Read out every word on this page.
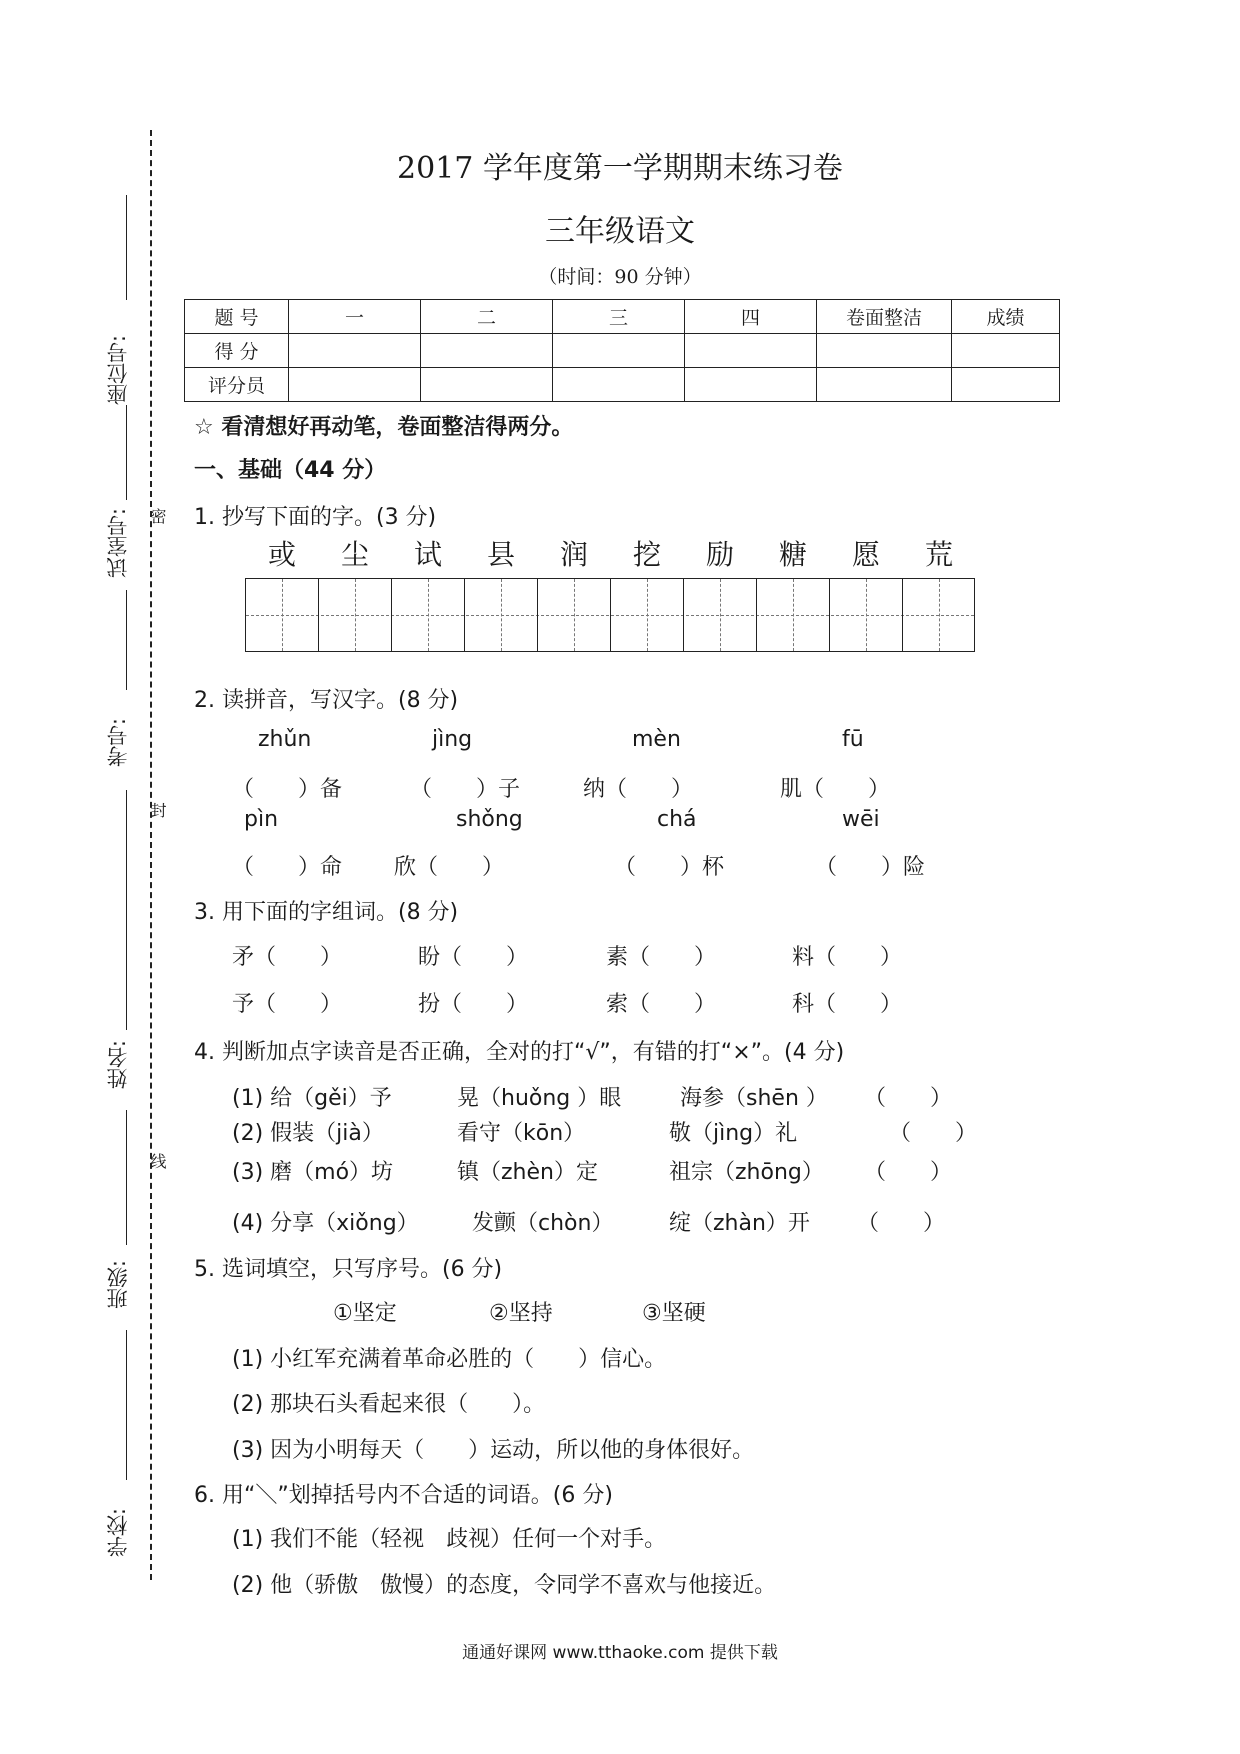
座位号:
试室号:
考号:
姓名:
班级:
学校:
密
封
线
2017 学年度第一学期期末练习卷
三年级语文
（时间：90 分钟）
题 号	一	二	三	四	卷面整洁	成绩
得 分						
评分员						
☆ 看清想好再动笔，卷面整洁得两分。
一、基础（44 分）
1. 抄写下面的字。(3 分)
或	尘	试	县	润	挖	励	糖	愿	荒
2. 读拼音，写汉字。(8 分)
zhǔn	jìng	mèn	fū
（　　）备	（　　）子	纳（　　）	肌（　　）
pìn	shǒng	chá	wēi
（　　）命 欣（　　）	（　　）杯	（　　）险
3. 用下面的字组词。(8 分)
矛（　　）	盼（　　）	素（　　）	料（　　）
予（　　）	扮（　　）	索（　　）	科（　　）
4. 判断加点字读音是否正确，全对的打“√”，有错的打“×”。(4 分)
(1) 给（gěi）予	晃（huǒng ）眼	海参（shēn ） （　　）
(2) 假装（jià）	看守（kōn）	敬（jìng）礼	（　　）
(3) 磨（mó）坊	镇（zhèn）定	祖宗（zhōng） （　　）
(4) 分享（xiǒng） 发颤（chòn）	绽（zhàn）开 （　　）
5. 选词填空，只写序号。(6 分)
①坚定	②坚持	③坚硬
(1) 小红军充满着革命必胜的（　　）信心。
(2) 那块石头看起来很（　　）。
(3) 因为小明每天（　　）运动，所以他的身体很好。
6. 用“＼”划掉括号内不合适的词语。(6 分)
(1) 我们不能（轻视　歧视）任何一个对手。
(2) 他（骄傲　傲慢）的态度，令同学不喜欢与他接近。
通通好课网 www.tthaoke.com 提供下载
